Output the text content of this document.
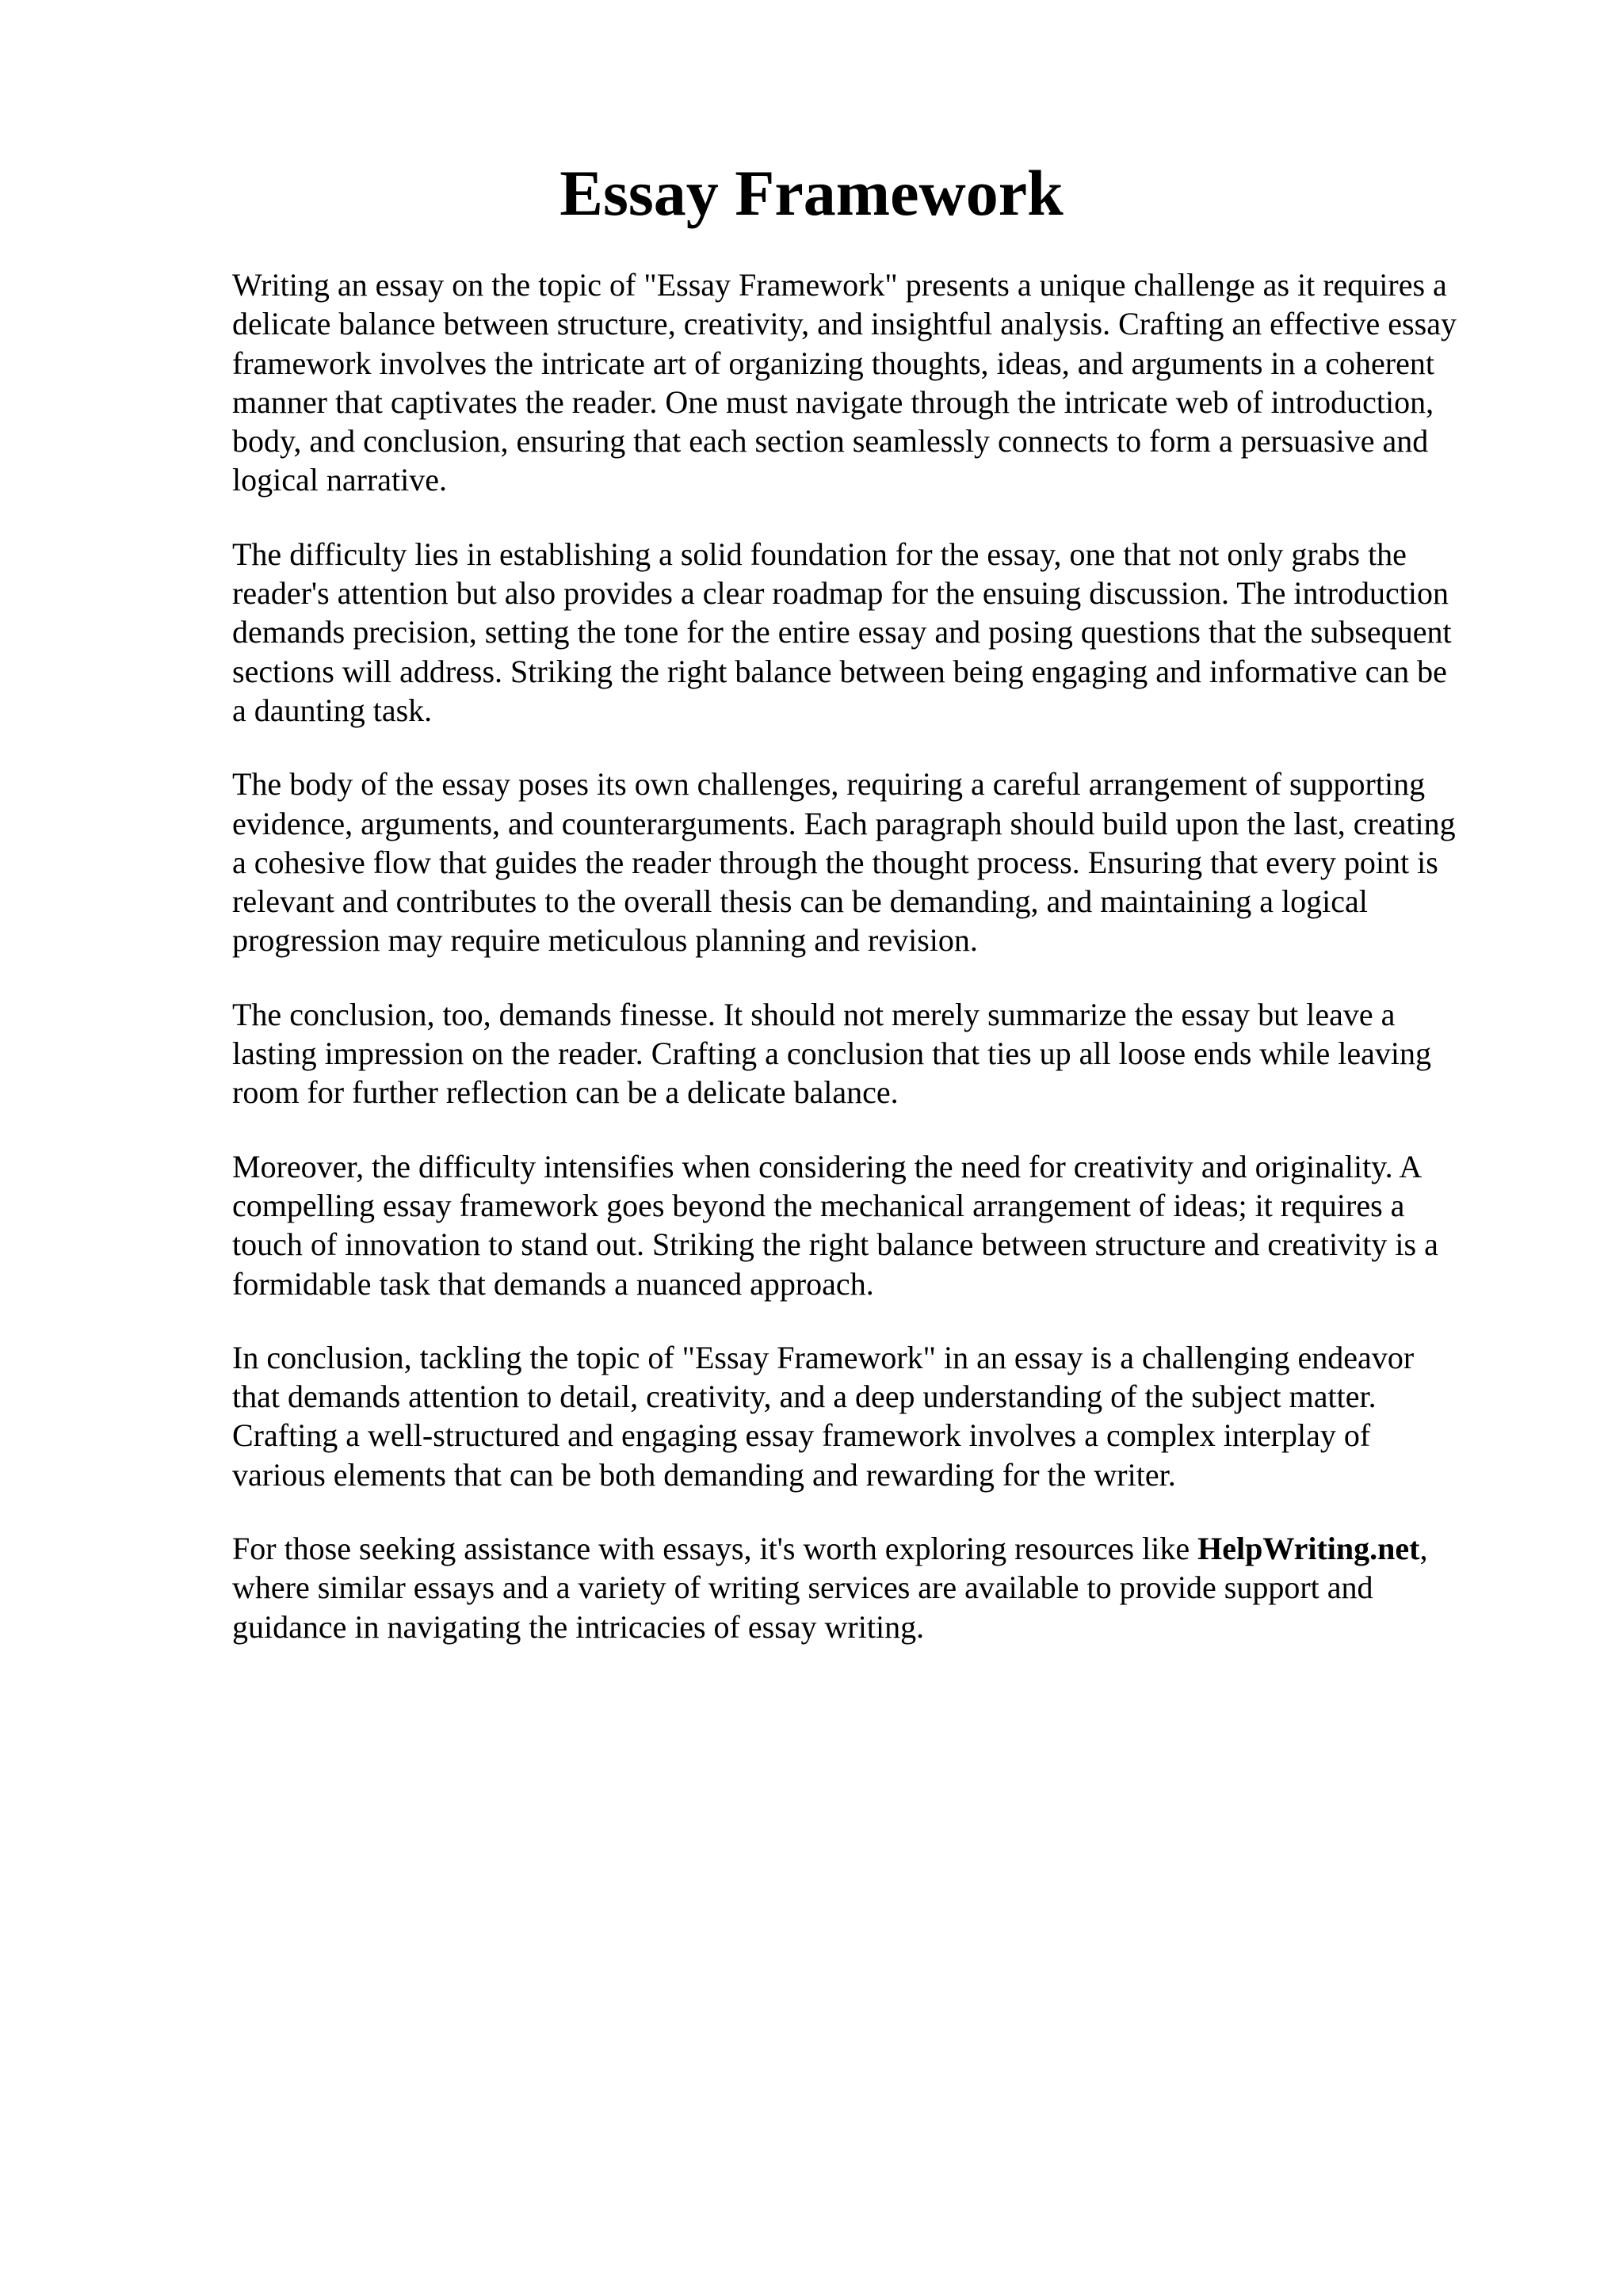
Essay Framework

Writing an essay on the topic of "Essay Framework" presents a unique challenge as it requires a
delicate balance between structure, creativity, and insightful analysis. Crafting an effective essay
framework involves the intricate art of organizing thoughts, ideas, and arguments in a coherent
manner that captivates the reader. One must navigate through the intricate web of introduction,
body, and conclusion, ensuring that each section seamlessly connects to form a persuasive and
logical narrative.

The difficulty lies in establishing a solid foundation for the essay, one that not only grabs the
reader's attention but also provides a clear roadmap for the ensuing discussion. The introduction
demands precision, setting the tone for the entire essay and posing questions that the subsequent
sections will address. Striking the right balance between being engaging and informative can be
a daunting task.

The body of the essay poses its own challenges, requiring a careful arrangement of supporting
evidence, arguments, and counterarguments. Each paragraph should build upon the last, creating
a cohesive flow that guides the reader through the thought process. Ensuring that every point is
relevant and contributes to the overall thesis can be demanding, and maintaining a logical
progression may require meticulous planning and revision.

The conclusion, too, demands finesse. It should not merely summarize the essay but leave a
lasting impression on the reader. Crafting a conclusion that ties up all loose ends while leaving
room for further reflection can be a delicate balance.

Moreover, the difficulty intensifies when considering the need for creativity and originality. A
compelling essay framework goes beyond the mechanical arrangement of ideas; it requires a
touch of innovation to stand out. Striking the right balance between structure and creativity is a
formidable task that demands a nuanced approach.

In conclusion, tackling the topic of "Essay Framework" in an essay is a challenging endeavor
that demands attention to detail, creativity, and a deep understanding of the subject matter.
Crafting a well-structured and engaging essay framework involves a complex interplay of
various elements that can be both demanding and rewarding for the writer.

For those seeking assistance with essays, it's worth exploring resources like HelpWriting.net,
where similar essays and a variety of writing services are available to provide support and
guidance in navigating the intricacies of essay writing.
